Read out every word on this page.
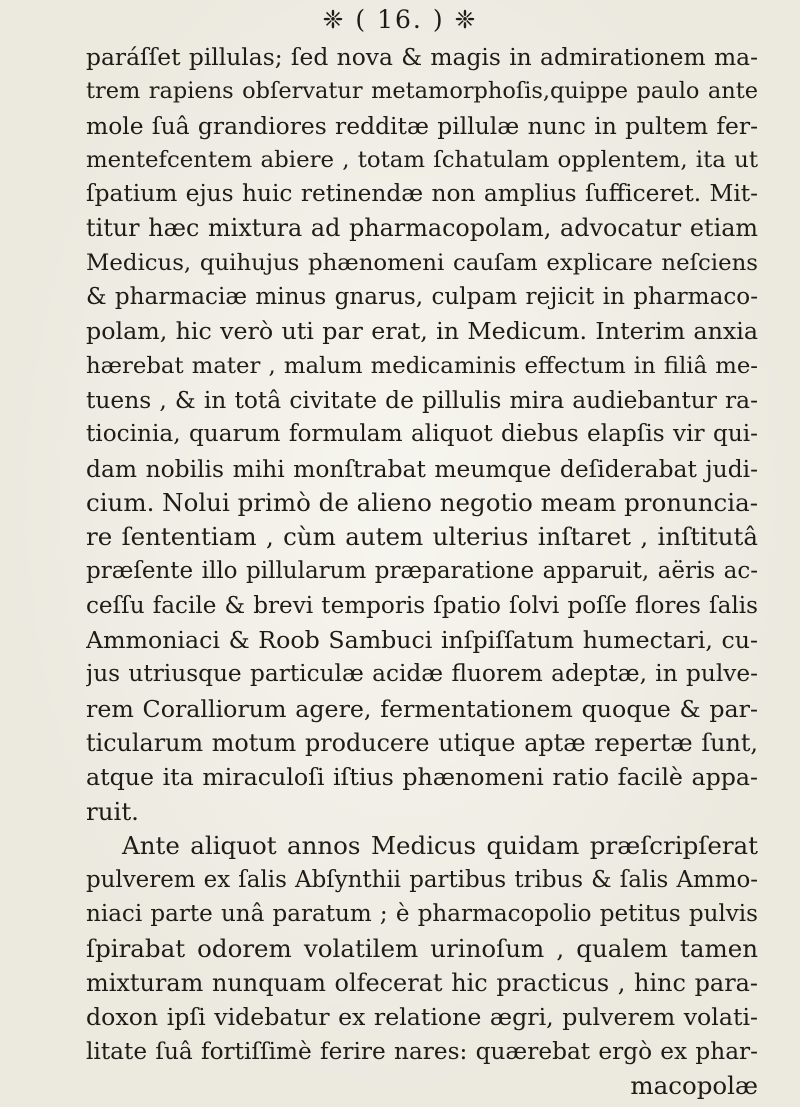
❈ ( 16. ) ❈
paráſſet pillulas; ſed nova & magis in admirationem ma-
trem rapiens obſervatur metamorphoſis,quippe paulo ante
mole ſuâ grandiores redditæ pillulæ nunc in pultem fer-
mentefcentem abiere , totam ſchatulam opplentem, ita ut
ſpatium ejus huic retinendæ non amplius ſufficeret. Mit-
titur hæc mixtura ad pharmacopolam, advocatur etiam
Medicus, quihujus phænomeni cauſam explicare neſciens
& pharmaciæ minus gnarus, culpam rejicit in pharmaco-
polam, hic verò uti par erat, in Medicum. Interim anxia
hærebat mater , malum medicaminis effectum in filiâ me-
tuens , & in totâ civitate de pillulis mira audiebantur ra-
tiocinia, quarum formulam aliquot diebus elapſis vir qui-
dam nobilis mihi monſtrabat meumque deſiderabat judi-
cium. Nolui primò de alieno negotio meam pronuncia-
re ſententiam , cùm autem ulterius inſtaret , inſtitutâ
præſente illo pillularum præparatione apparuit, aëris ac-
ceſſu facile & brevi temporis ſpatio ſolvi poſſe flores ſalis
Ammoniaci & Roob Sambuci inſpiſſatum humectari, cu-
jus utriusque particulæ acidæ fluorem adeptæ, in pulve-
rem Coralliorum agere, fermentationem quoque & par-
ticularum motum producere utique aptæ repertæ ſunt,
atque ita miraculoſi iſtius phænomeni ratio facilè appa-
ruit.
Ante aliquot annos Medicus quidam præſcripſerat
pulverem ex ſalis Abſynthii partibus tribus & ſalis Ammo-
niaci parte unâ paratum ; è pharmacopolio petitus pulvis
ſpirabat odorem volatilem urinoſum , qualem tamen
mixturam nunquam olfecerat hic practicus , hinc para-
doxon ipſi videbatur ex relatione ægri, pulverem volati-
litate ſuâ fortiſſimè ferire nares: quærebat ergò ex phar-
macopolæ
